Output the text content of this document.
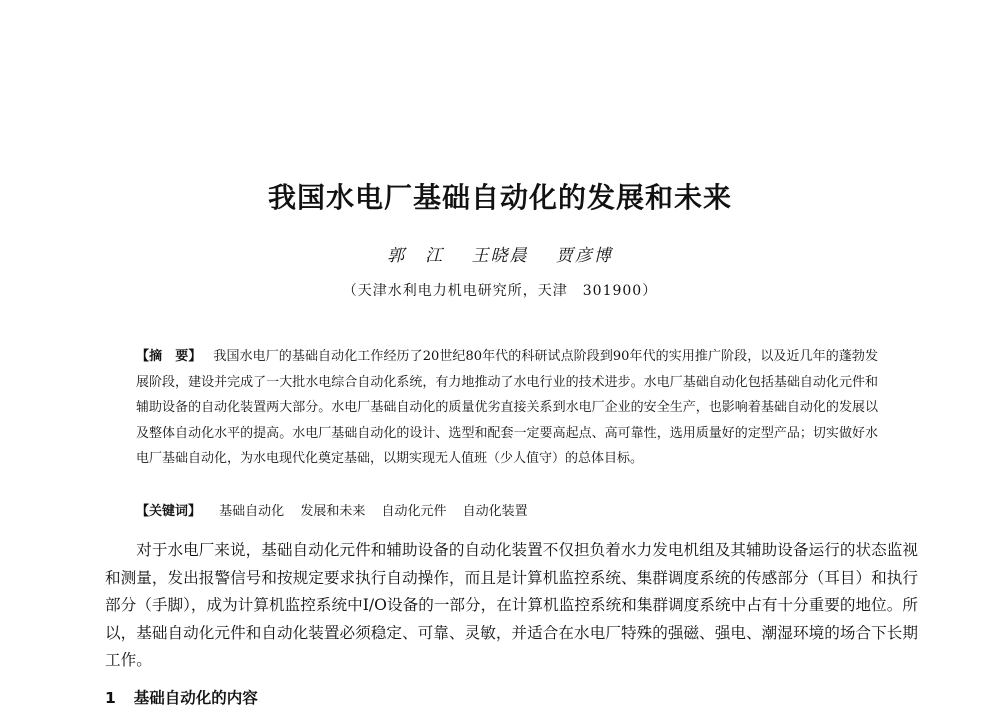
我国水电厂基础自动化的发展和未来
郭　江 王晓晨 贾彦博
（天津水利电力机电研究所，天津　301900）
【摘　要】 我国水电厂的基础自动化工作经历了20世纪80年代的科研试点阶段到90年代的实用推广阶段，以及近几年的蓬勃发展阶段，建设并完成了一大批水电综合自动化系统，有力地推动了水电行业的技术进步。水电厂基础自动化包括基础自动化元件和辅助设备的自动化装置两大部分。水电厂基础自动化的质量优劣直接关系到水电厂企业的安全生产，也影响着基础自动化的发展以及整体自动化水平的提高。水电厂基础自动化的设计、选型和配套一定要高起点、高可靠性，选用质量好的定型产品；切实做好水电厂基础自动化，为水电现代化奠定基础，以期实现无人值班（少人值守）的总体目标。
【关键词】 基础自动化 发展和未来 自动化元件 自动化装置
对于水电厂来说，基础自动化元件和辅助设备的自动化装置不仅担负着水力发电机组及其辅助设备运行的状态监视和测量，发出报警信号和按规定要求执行自动操作，而且是计算机监控系统、集群调度系统的传感部分（耳目）和执行部分（手脚），成为计算机监控系统中I/O设备的一部分，在计算机监控系统和集群调度系统中占有十分重要的地位。所以，基础自动化元件和自动化装置必须稳定、可靠、灵敏，并适合在水电厂特殊的强磁、强电、潮湿环境的场合下长期工作。
1 基础自动化的内容
